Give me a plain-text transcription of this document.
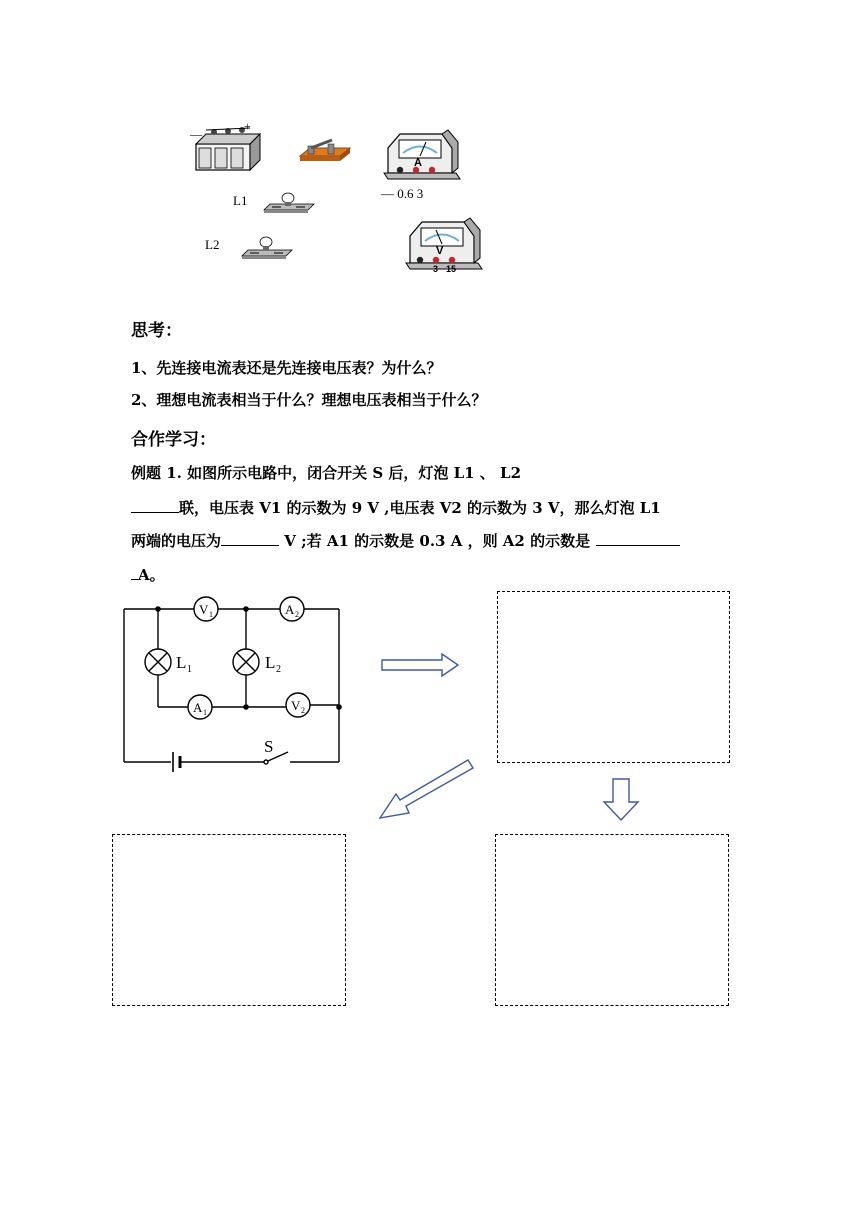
—
+
A
— 0.6 3
L1
L2	V
3 15
思考：
1、先连接电流表还是先连接电压表？为什么？
2、理想电流表相当于什么？理想电压表相当于什么？
合作学习：
例题 1. 如图所示电路中，闭合开关 S 后，灯泡 L1 、 L2
联，电压表 V1 的示数为 9 V ,电压表 V2 的示数为 3 V，那么灯泡 L1
两端的电压为	V ;若 A1 的示数是 0.3 A ，则 A2 的示数是
A。
S
V 1	A 2
L 1	L 2
A 1	V 2
